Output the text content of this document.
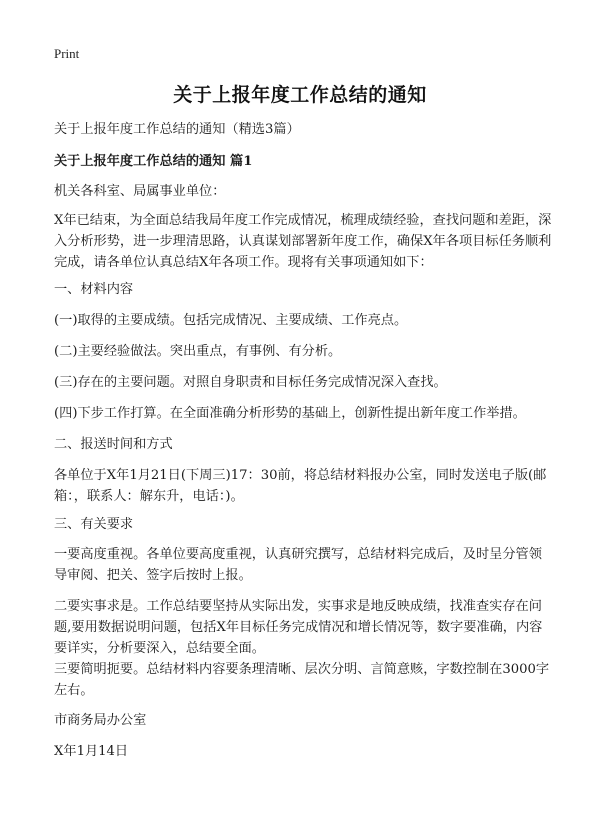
Print
关于上报年度工作总结的通知
关于上报年度工作总结的通知（精选3篇）
关于上报年度工作总结的通知 篇1
机关各科室、局属事业单位：
X年已结束，为全面总结我局年度工作完成情况，梳理成绩经验，查找问题和差距，深入分析形势，进一步理清思路，认真谋划部署新年度工作，确保X年各项目标任务顺利完成，请各单位认真总结X年各项工作。现将有关事项通知如下：
一、材料内容
(一)取得的主要成绩。包括完成情况、主要成绩、工作亮点。
(二)主要经验做法。突出重点，有事例、有分析。
(三)存在的主要问题。对照自身职责和目标任务完成情况深入查找。
(四)下步工作打算。在全面准确分析形势的基础上，创新性提出新年度工作举措。
二、报送时间和方式
各单位于X年1月21日(下周三)17：30前，将总结材料报办公室，同时发送电子版(邮箱：，联系人：解东升，电话：)。
三、有关要求
一要高度重视。各单位要高度重视，认真研究撰写，总结材料完成后，及时呈分管领导审阅、把关、签字后按时上报。
二要实事求是。工作总结要坚持从实际出发，实事求是地反映成绩，找准查实存在问题,要用数据说明问题，包括X年目标任务完成情况和增长情况等，数字要准确，内容要详实，分析要深入，总结要全面。
三要简明扼要。总结材料内容要条理清晰、层次分明、言简意赅，字数控制在3000字左右。
市商务局办公室
X年1月14日
